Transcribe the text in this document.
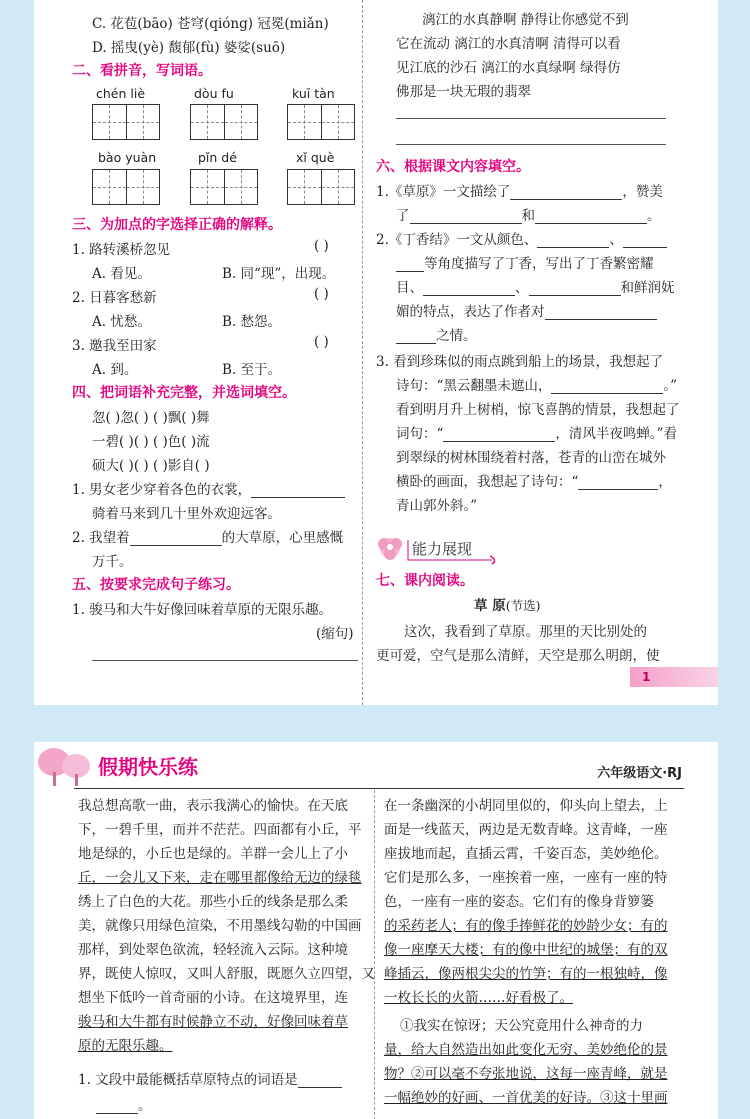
C. 花苞(bāo) 苍穹(qióng) 冠冕(miǎn)
D. 摇曳(yè) 馥郁(fù) 婆娑(suō)
二、看拼音，写词语。
chén liè	dòu fu	kuī tàn
bào yuàn	pǐn dé	xǐ què
三、为加点的字选择正确的解释。
1. 路转溪桥忽见	( )
A. 看见。	B. 同“现”，出现。
2. 日暮客愁新	( )
A. 忧愁。	B. 愁怨。
3. 邀我至田家	( )
A. 到。	B. 至于。
四、把词语补充完整，并选词填空。
忽( )忽( ) ( )飘( )舞
一碧( )( ) ( )色( )流
硕大( )( ) ( )影自( )
1. 男女老少穿着各色的衣裳，
骑着马来到几十里外欢迎远客。
2. 我望着	的大草原，心里感慨
万千。
五、按要求完成句子练习。
1. 骏马和大牛好像回味着草原的无限乐趣。
(缩句)
漓江的水真静啊 静得让你感觉不到
它在流动 漓江的水真清啊 清得可以看
见江底的沙石 漓江的水真绿啊 绿得仿
佛那是一块无瑕的翡翠
六、根据课文内容填空。
1.《草原》一文描绘了	，赞美
了	和	。
2.《丁香结》一文从颜色、	、
等角度描写了丁香，写出了丁香繁密耀
目、	、	和鲜润妩
媚的特点，表达了作者对
之情。
3. 看到珍珠似的雨点跳到船上的场景，我想起了
诗句：“黑云翻墨未遮山，	。”
看到明月升上树梢，惊飞喜鹊的情景，我想起了
词句：“	，清风半夜鸣蝉。”看
到翠绿的树林围绕着村落，苍青的山峦在城外
横卧的画面，我想起了诗句：“	，
青山郭外斜。”
能力展现
七、课内阅读。
草 原(节选)
这次，我看到了草原。那里的天比别处的
更可爱，空气是那么清鲜，天空是那么明朗，使
1
假期快乐练	六年级语文·RJ
我总想高歌一曲，表示我满心的愉快。在天底
下，一碧千里，而并不茫茫。四面都有小丘，平
地是绿的，小丘也是绿的。羊群一会儿上了小
丘，一会儿又下来，走在哪里都像给无边的绿毯
绣上了白色的大花。那些小丘的线条是那么柔
美，就像只用绿色渲染，不用墨线勾勒的中国画
那样，到处翠色欲流，轻轻流入云际。这种境
界，既使人惊叹，又叫人舒服，既愿久立四望，又
想坐下低吟一首奇丽的小诗。在这境界里，连
骏马和大牛都有时候静立不动，好像回味着草
原的无限乐趣。
1. 文段中最能概括草原特点的词语是
。
在一条幽深的小胡同里似的，仰头向上望去，上
面是一线蓝天，两边是无数青峰。这青峰，一座
座拔地而起，直插云霄，千姿百态，美妙绝伦。
它们是那么多，一座挨着一座，一座有一座的特
色，一座有一座的姿态。它们有的像身背箩篓
的采药老人；有的像手捧鲜花的妙龄少女；有的
像一座摩天大楼；有的像中世纪的城堡；有的双
峰插云，像两根尖尖的竹笋；有的一根独峙，像
一枚长长的火箭……好看极了。
①我实在惊讶；天公究竟用什么神奇的力
量，给大自然造出如此变化无穷、美妙绝伦的景
物？②可以毫不夸张地说，这每一座青峰，就是
一幅绝妙的好画、一首优美的好诗。③这十里画
